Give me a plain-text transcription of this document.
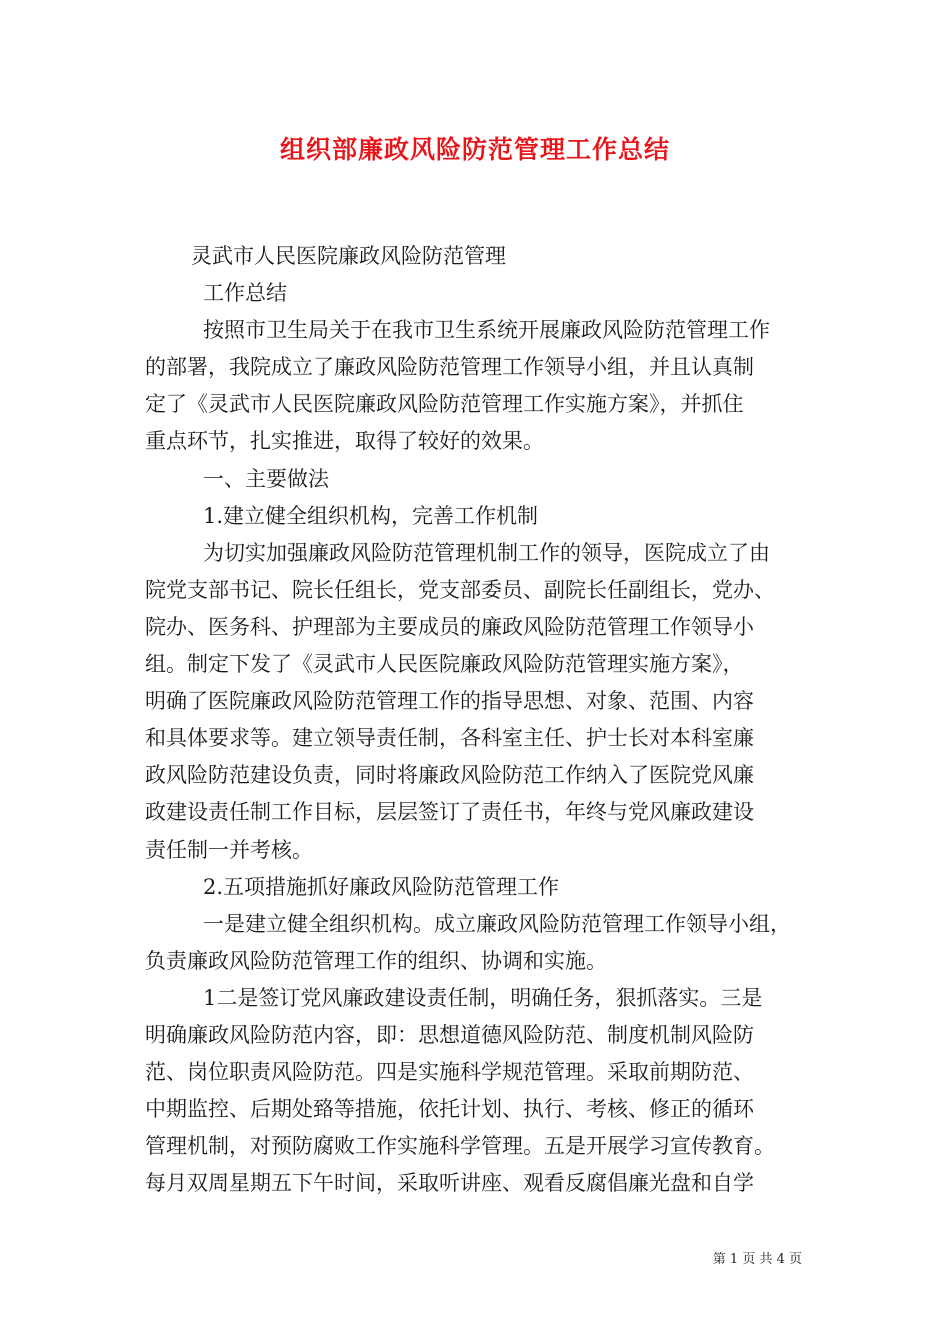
组织部廉政风险防范管理工作总结
灵武市人民医院廉政风险防范管理
工作总结
按照市卫生局关于在我市卫生系统开展廉政风险防范管理工作
的部署，我院成立了廉政风险防范管理工作领导小组，并且认真制
定了《灵武市人民医院廉政风险防范管理工作实施方案》，并抓住
重点环节，扎实推进，取得了较好的效果。
一、主要做法
1.建立健全组织机构，完善工作机制
为切实加强廉政风险防范管理机制工作的领导，医院成立了由
院党支部书记、院长任组长，党支部委员、副院长任副组长，党办、
院办、医务科、护理部为主要成员的廉政风险防范管理工作领导小
组。制定下发了《灵武市人民医院廉政风险防范管理实施方案》，
明确了医院廉政风险防范管理工作的指导思想、对象、范围、内容
和具体要求等。建立领导责任制，各科室主任、护士长对本科室廉
政风险防范建设负责，同时将廉政风险防范工作纳入了医院党风廉
政建设责任制工作目标，层层签订了责任书，年终与党风廉政建设
责任制一并考核。
2.五项措施抓好廉政风险防范管理工作
一是建立健全组织机构。成立廉政风险防范管理工作领导小组，
负责廉政风险防范管理工作的组织、协调和实施。
1二是签订党风廉政建设责任制，明确任务，狠抓落实。三是
明确廉政风险防范内容，即：思想道德风险防范、制度机制风险防
范、岗位职责风险防范。四是实施科学规范管理。采取前期防范、
中期监控、后期处臵等措施，依托计划、执行、考核、修正的循环
管理机制，对预防腐败工作实施科学管理。五是开展学习宣传教育。
每月双周星期五下午时间，采取听讲座、观看反腐倡廉光盘和自学
第 1 页 共 4 页
